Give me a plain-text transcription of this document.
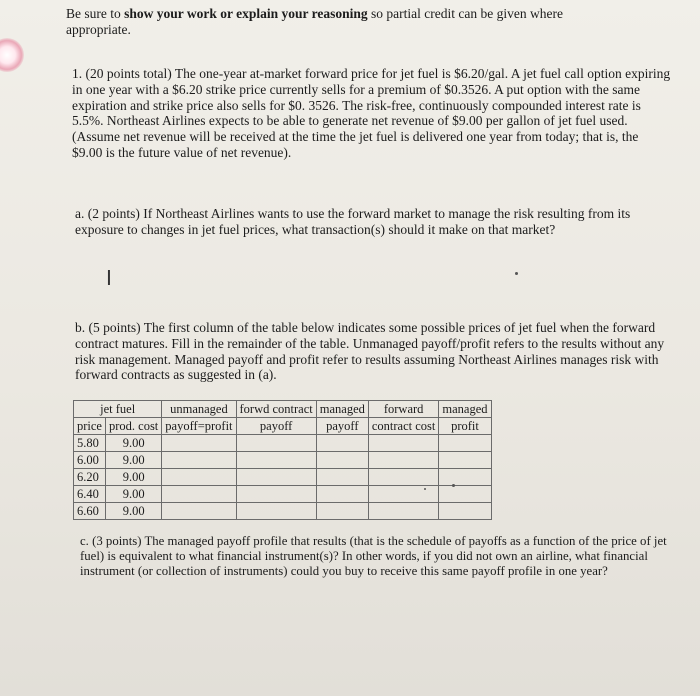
Be sure to show your work or explain your reasoning so partial credit can be given where
appropriate.
1. (20 points total) The one-year at-market forward price for jet fuel is $6.20/gal. A jet fuel call option expiring in one year with a $6.20 strike price currently sells for a premium of $0.3526. A put option with the same expiration and strike price also sells for $0. 3526. The risk-free, continuously compounded interest rate is 5.5%. Northeast Airlines expects to be able to generate net revenue of $9.00 per gallon of jet fuel used. (Assume net revenue will be received at the time the jet fuel is delivered one year from today; that is, the $9.00 is the future value of net revenue).
a. (2 points) If Northeast Airlines wants to use the forward market to manage the risk resulting from its exposure to changes in jet fuel prices, what transaction(s) should it make on that market?
I
b. (5 points) The first column of the table below indicates some possible prices of jet fuel when the forward contract matures. Fill in the remainder of the table. Unmanaged payoff/profit refers to the results without any risk management. Managed payoff and profit refer to results assuming Northeast Airlines manages risk with forward contracts as suggested in (a).
jet fuel		unmanaged	forwd contract	managed	forward	managed
price	prod. cost	payoff=profit	payoff	payoff	contract cost	profit
5.80	9.00					
6.00	9.00					
6.20	9.00					
6.40	9.00					
6.60	9.00					
c. (3 points) The managed payoff profile that results (that is the schedule of payoffs as a function of the price of jet fuel) is equivalent to what financial instrument(s)? In other words, if you did not own an airline, what financial instrument (or collection of instruments) could you buy to receive this same payoff profile in one year?
